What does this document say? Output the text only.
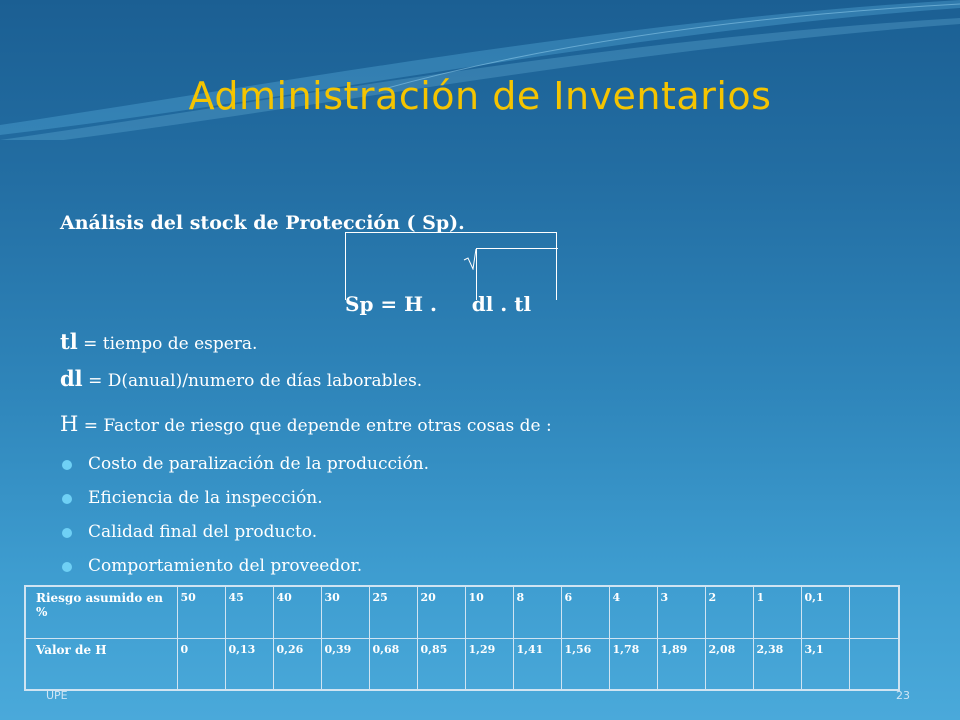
Administración de Inventarios
Análisis del stock de Protección ( Sp).
Sp = H .     dl . tl
tl = tiempo de espera.
dl = D(anual)/numero de días laborables.
H = Factor de riesgo que depende entre otras cosas de :
Costo de paralización de la producción.
Eficiencia de la inspección.
Calidad final del producto.
Comportamiento del proveedor.
Riesgo asumido en %	50	45	40	30	25	20	10	8	6	4	3	2	1	0,1	
Valor de H	0	0,13	0,26	0,39	0,68	0,85	1,29	1,41	1,56	1,78	1,89	2,08	2,38	3,1	
UPE	23
